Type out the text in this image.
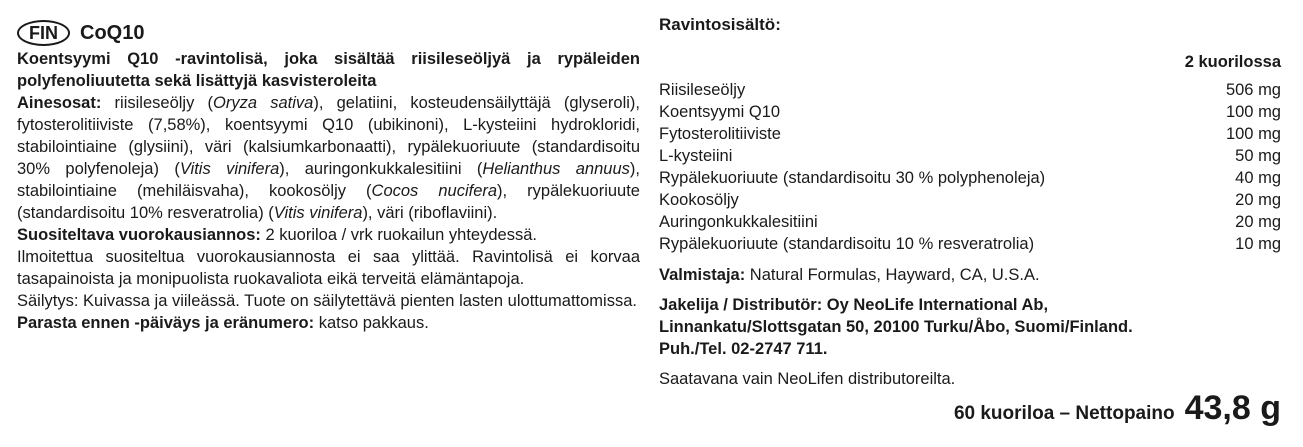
FIN	CoQ10

Koentsyymi Q10 -ravintolisä, joka sisältää riisileseöljyä ja rypäleiden polyfenoliuutetta sekä lisättyjä kasvisteroleita

Ainesosat: riisileseöljy (Oryza sativa), gelatiini, kosteudensäilyttäjä (glyseroli), fytosterolitiiviste (7,58%), koentsyymi Q10 (ubikinoni), L-kysteiini hydrokloridi, stabilointiaine (glysiini), väri (kalsiumkarbonaatti), rypälekuoriuute (standardisoitu 30% polyfenoleja) (Vitis vinifera), auringonkukkalesitiini (Helianthus annuus), stabilointiaine (mehiläisvaha), kookosöljy (Cocos nucifera), rypälekuoriuute (standardisoitu 10% resveratrolia) (Vitis vinifera), väri (riboflaviini).

Suositeltava vuorokausiannos: 2 kuoriloa / vrk ruokailun yhteydessä.

Ilmoitettua suositeltua vuorokausiannosta ei saa ylittää. Ravintolisä ei korvaa tasapainoista ja monipuolista ruokavaliota eikä terveitä elämäntapoja.

Säilytys: Kuivassa ja viileässä. Tuote on säilytettävä pienten lasten ulottumattomissa.

Parasta ennen -päiväys ja eränumero: katso pakkaus.

Ravintosisältö:
2 kuorilossa
Riisileseöljy	506 mg
Koentsyymi Q10	100 mg
Fytosterolitiiviste	100 mg
L-kysteiini	50 mg
Rypälekuoriuute (standardisoitu 30 % polyphenoleja)	40 mg
Kookosöljy	20 mg
Auringonkukkalesitiini	20 mg
Rypälekuoriuute (standardisoitu 10 % resveratrolia)	10 mg

Valmistaja: Natural Formulas, Hayward, CA, U.S.A.

Jakelija / Distributör: Oy NeoLife International Ab,
Linnankatu/Slottsgatan 50, 20100 Turku/Åbo, Suomi/Finland.
Puh./Tel. 02-2747 711.

Saatavana vain NeoLifen distributoreilta.

60 kuoriloa – Nettopaino 43,8 g
